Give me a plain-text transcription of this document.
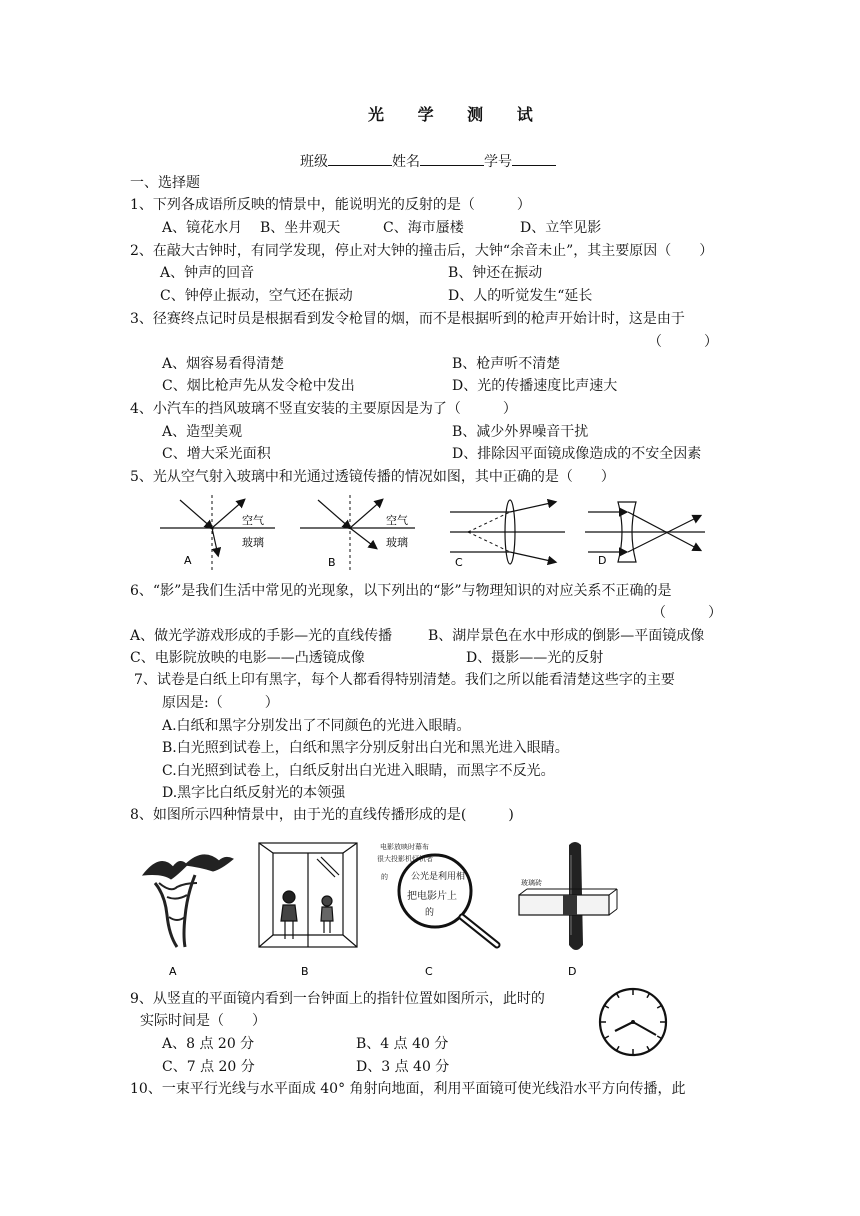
光 学 测 试
班级	姓名	学号
一、选择题
1、下列各成语所反映的情景中，能说明光的反射的是（　　　）
A、镜花水月 B、坐井观天	C、海市蜃楼	D、立竿见影
2、在敲大古钟时，有同学发现，停止对大钟的撞击后，大钟“余音未止”，其主要原因（　　）
A、钟声的回音	B、钟还在振动
C、钟停止振动，空气还在振动	D、人的听觉发生“延长
3、径赛终点记时员是根据看到发令枪冒的烟，而不是根据听到的枪声开始计时，这是由于
（　　　）
A、烟容易看得清楚	B、枪声听不清楚
C、烟比枪声先从发令枪中发出	D、光的传播速度比声速大
4、小汽车的挡风玻璃不竖直安装的主要原因是为了（　　　）
A、造型美观	B、减少外界噪音干扰
C、增大采光面积	D、排除因平面镜成像造成的不安全因素
5、光从空气射入玻璃中和光通过透镜传播的情况如图，其中正确的是（　　）
空气
玻璃
A
空气
玻璃
B	C	D
6、“影”是我们生活中常见的光现象，以下列出的“影”与物理知识的对应关系不正确的是
（　　　）
A、做光学游戏形成的手影—光的直线传播	B、湖岸景色在水中形成的倒影—平面镜成像
C、电影院放映的电影——凸透镜成像	D、摄影——光的反射
7、试卷是白纸上印有黑字，每个人都看得特别清楚。我们之所以能看清楚这些字的主要
原因是:（　　　）
A.白纸和黑字分别发出了不同颜色的光进入眼睛。
B.白光照到试卷上，白纸和黑字分别反射出白光和黑光进入眼睛。
C.白光照到试卷上，白纸反射出白光进入眼睛，而黑字不反光。
D.黑字比白纸反射光的本领强
8、如图所示四种情景中，由于光的直线传播形成的是(　　　)
A	B
电影放映时幕布
很大投影机灯机者
公光是利用相
的
把电影片上
的
C
玻璃砖
D
9、从竖直的平面镜内看到一台钟面上的指针位置如图所示，此时的
实际时间是（　　）
A、8 点 20 分	B、4 点 40 分
C、7 点 20 分	D、3 点 40 分
10、一束平行光线与水平面成 40° 角射向地面，利用平面镜可使光线沿水平方向传播，此
